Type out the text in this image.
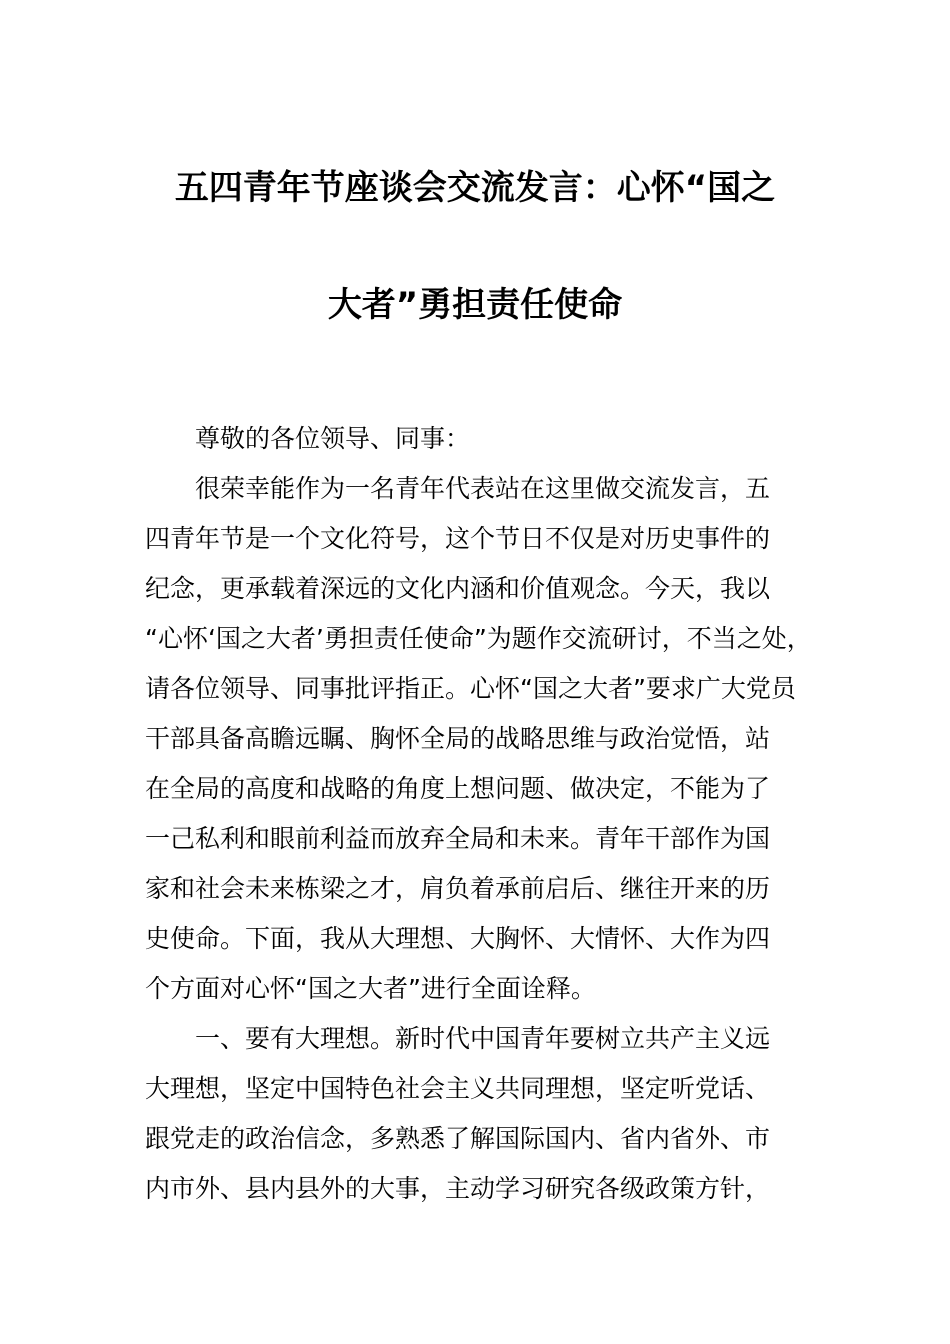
五四青年节座谈会交流发言：心怀“国之
大者”勇担责任使命
尊敬的各位领导、同事：
很荣幸能作为一名青年代表站在这里做交流发言，五
四青年节是一个文化符号，这个节日不仅是对历史事件的
纪念，更承载着深远的文化内涵和价值观念。今天，我以
“心怀‘国之大者’勇担责任使命”为题作交流研讨，不当之处，
请各位领导、同事批评指正。心怀“国之大者”要求广大党员
干部具备高瞻远瞩、胸怀全局的战略思维与政治觉悟，站
在全局的高度和战略的角度上想问题、做决定，不能为了
一己私利和眼前利益而放弃全局和未来。青年干部作为国
家和社会未来栋梁之才，肩负着承前启后、继往开来的历
史使命。下面，我从大理想、大胸怀、大情怀、大作为四
个方面对心怀“国之大者”进行全面诠释。
一、要有大理想。新时代中国青年要树立共产主义远
大理想，坚定中国特色社会主义共同理想，坚定听党话、
跟党走的政治信念，多熟悉了解国际国内、省内省外、市
内市外、县内县外的大事，主动学习研究各级政策方针，
